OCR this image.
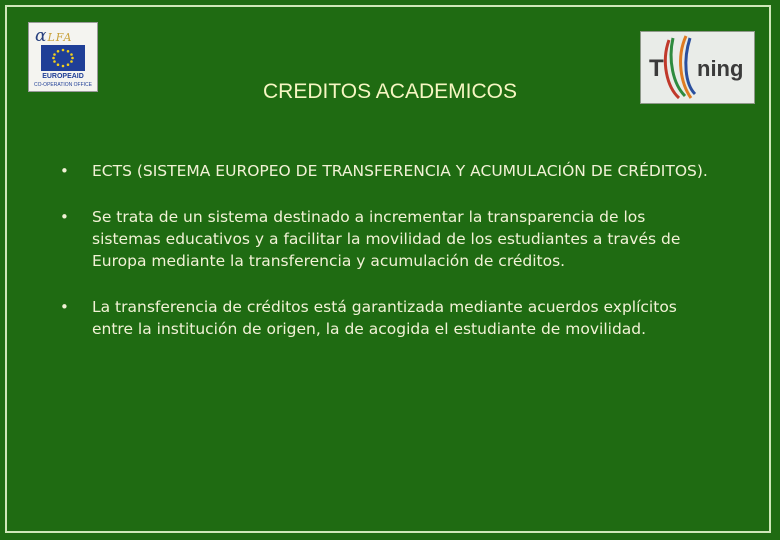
αLFA
EUROPEAID
CO-OPERATION OFFICE
T ning
CREDITOS ACADEMICOS
•	ECTS (SISTEMA EUROPEO DE TRANSFERENCIA Y ACUMULACIÓN DE CRÉDITOS).
•	Se trata de un sistema destinado a incrementar la transparencia de los sistemas educativos y a facilitar la movilidad de los estudiantes a través de Europa mediante la transferencia y acumulación de créditos.
•	La transferencia de créditos está garantizada mediante acuerdos explícitos entre la institución de origen, la de acogida el estudiante de movilidad.
